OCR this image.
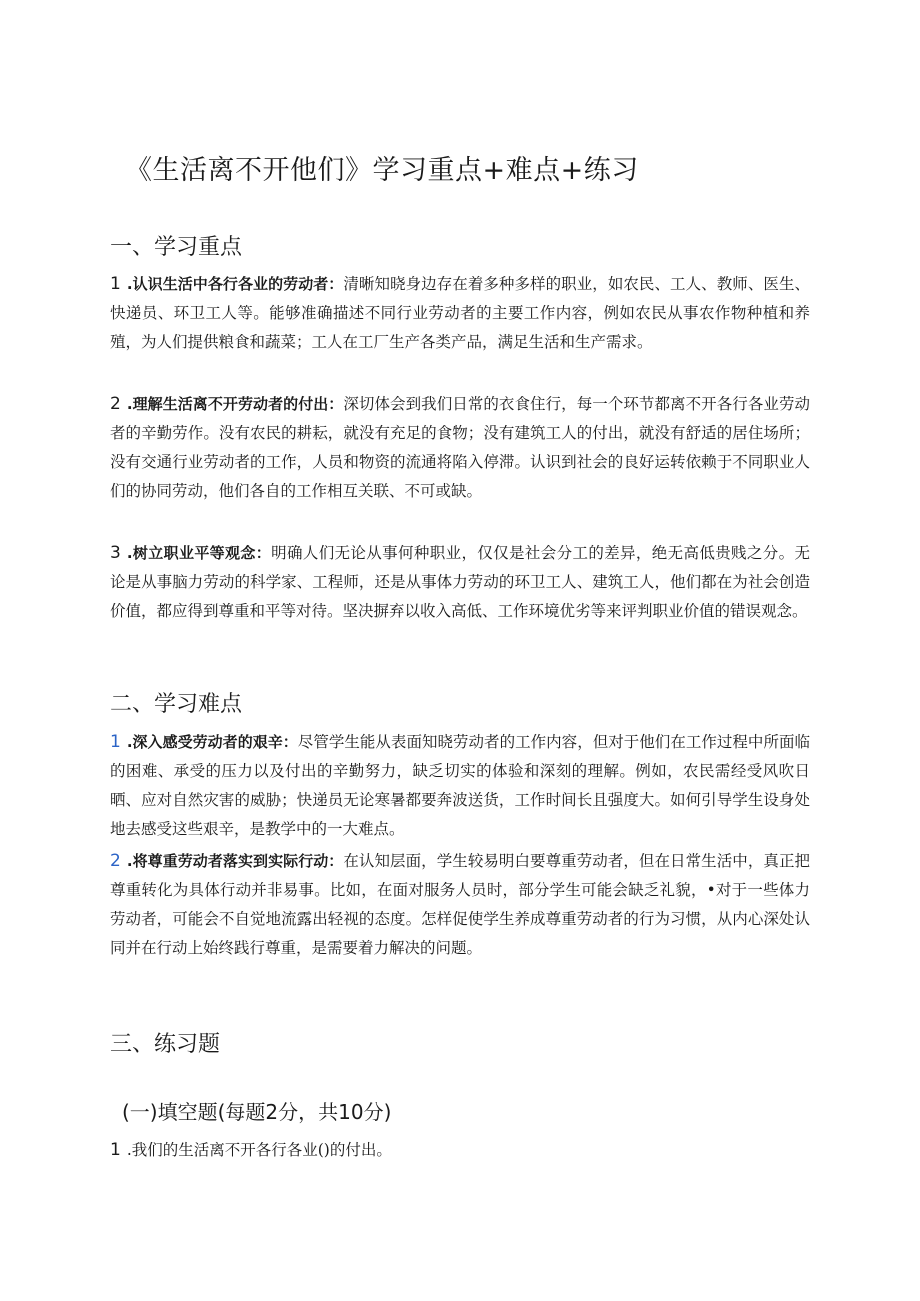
《生活离不开他们》学习重点+难点+练习
一、学习重点

1 .认识生活中各行各业的劳动者：清晰知晓身边存在着多种多样的职业，如农民、工人、教师、医生、快递员、环卫工人等。能够准确描述不同行业劳动者的主要工作内容，例如农民从事农作物种植和养殖，为人们提供粮食和蔬菜；工人在工厂生产各类产品，满足生活和生产需求。

2 .理解生活离不开劳动者的付出：深切体会到我们日常的衣食住行，每一个环节都离不开各行各业劳动者的辛勤劳作。没有农民的耕耘，就没有充足的食物；没有建筑工人的付出，就没有舒适的居住场所；没有交通行业劳动者的工作，人员和物资的流通将陷入停滞。认识到社会的良好运转依赖于不同职业人们的协同劳动，他们各自的工作相互关联、不可或缺。

3 .树立职业平等观念：明确人们无论从事何种职业，仅仅是社会分工的差异，绝无高低贵贱之分。无论是从事脑力劳动的科学家、工程师，还是从事体力劳动的环卫工人、建筑工人，他们都在为社会创造价值，都应得到尊重和平等对待。坚决摒弃以收入高低、工作环境优劣等来评判职业价值的错误观念。

二、学习难点

1 .深入感受劳动者的艰辛：尽管学生能从表面知晓劳动者的工作内容，但对于他们在工作过程中所面临的困难、承受的压力以及付出的辛勤努力，缺乏切实的体验和深刻的理解。例如，农民需经受风吹日晒、应对自然灾害的威胁；快递员无论寒暑都要奔波送货，工作时间长且强度大。如何引导学生设身处地去感受这些艰辛，是教学中的一大难点。

2 .将尊重劳动者落实到实际行动：在认知层面，学生较易明白要尊重劳动者，但在日常生活中，真正把尊重转化为具体行动并非易事。比如，在面对服务人员时，部分学生可能会缺乏礼貌，•对于一些体力劳动者，可能会不自觉地流露出轻视的态度。怎样促使学生养成尊重劳动者的行为习惯，从内心深处认同并在行动上始终践行尊重，是需要着力解决的问题。

三、练习题
(一)填空题(每题2分，共10分)

1 .我们的生活离不开各行各业()的付出。
